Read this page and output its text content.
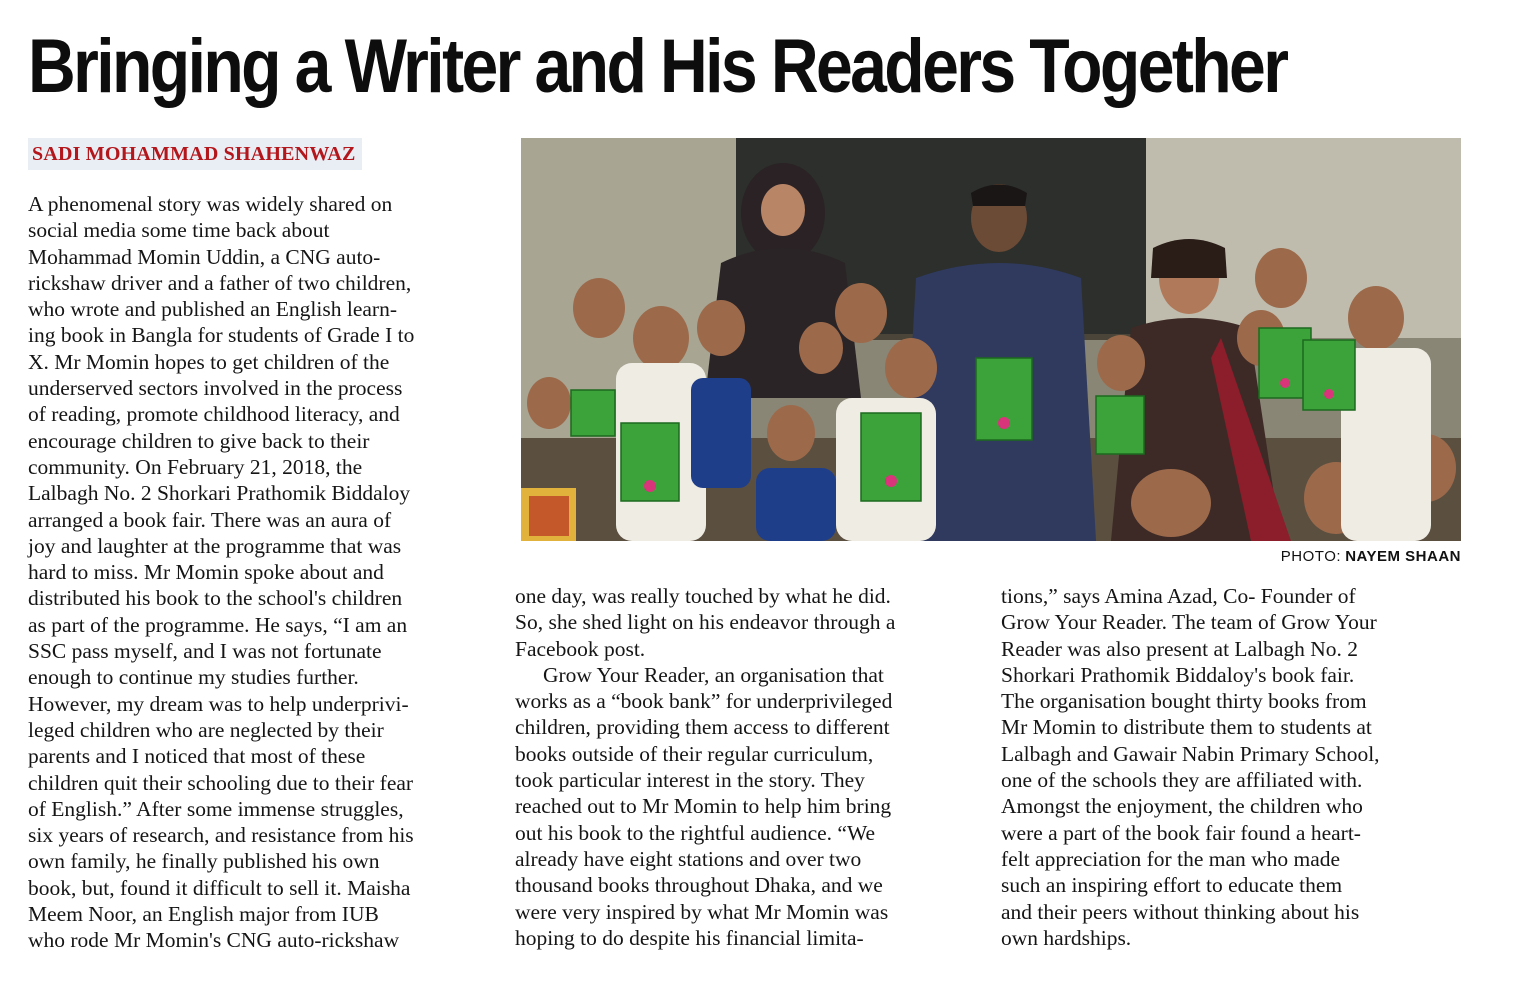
Bringing a Writer and His Readers Together
SADI MOHAMMAD SHAHENWAZ
A phenomenal story was widely shared on
social media some time back about
Mohammad Momin Uddin, a CNG auto-
rickshaw driver and a father of two children,
who wrote and published an English learn-
ing book in Bangla for students of Grade I to
X. Mr Momin hopes to get children of the
underserved sectors involved in the process
of reading, promote childhood literacy, and
encourage children to give back to their
community. On February 21, 2018, the
Lalbagh No. 2 Shorkari Prathomik Biddaloy
arranged a book fair. There was an aura of
joy and laughter at the programme that was
hard to miss. Mr Momin spoke about and
distributed his book to the school's children
as part of the programme. He says, “I am an
SSC pass myself, and I was not fortunate
enough to continue my studies further.
However, my dream was to help underprivi-
leged children who are neglected by their
parents and I noticed that most of these
children quit their schooling due to their fear
of English.” After some immense struggles,
six years of research, and resistance from his
own family, he finally published his own
book, but, found it difficult to sell it. Maisha
Meem Noor, an English major from IUB
who rode Mr Momin's CNG auto-rickshaw
PHOTO: NAYEM SHAAN
one day, was really touched by what he did.
So, she shed light on his endeavor through a
Facebook post.
Grow Your Reader, an organisation that
works as a “book bank” for underprivileged
children, providing them access to different
books outside of their regular curriculum,
took particular interest in the story. They
reached out to Mr Momin to help him bring
out his book to the rightful audience. “We
already have eight stations and over two
thousand books throughout Dhaka, and we
were very inspired by what Mr Momin was
hoping to do despite his financial limita-
tions,” says Amina Azad, Co- Founder of
Grow Your Reader. The team of Grow Your
Reader was also present at Lalbagh No. 2
Shorkari Prathomik Biddaloy's book fair.
The organisation bought thirty books from
Mr Momin to distribute them to students at
Lalbagh and Gawair Nabin Primary School,
one of the schools they are affiliated with.
Amongst the enjoyment, the children who
were a part of the book fair found a heart-
felt appreciation for the man who made
such an inspiring effort to educate them
and their peers without thinking about his
own hardships.
